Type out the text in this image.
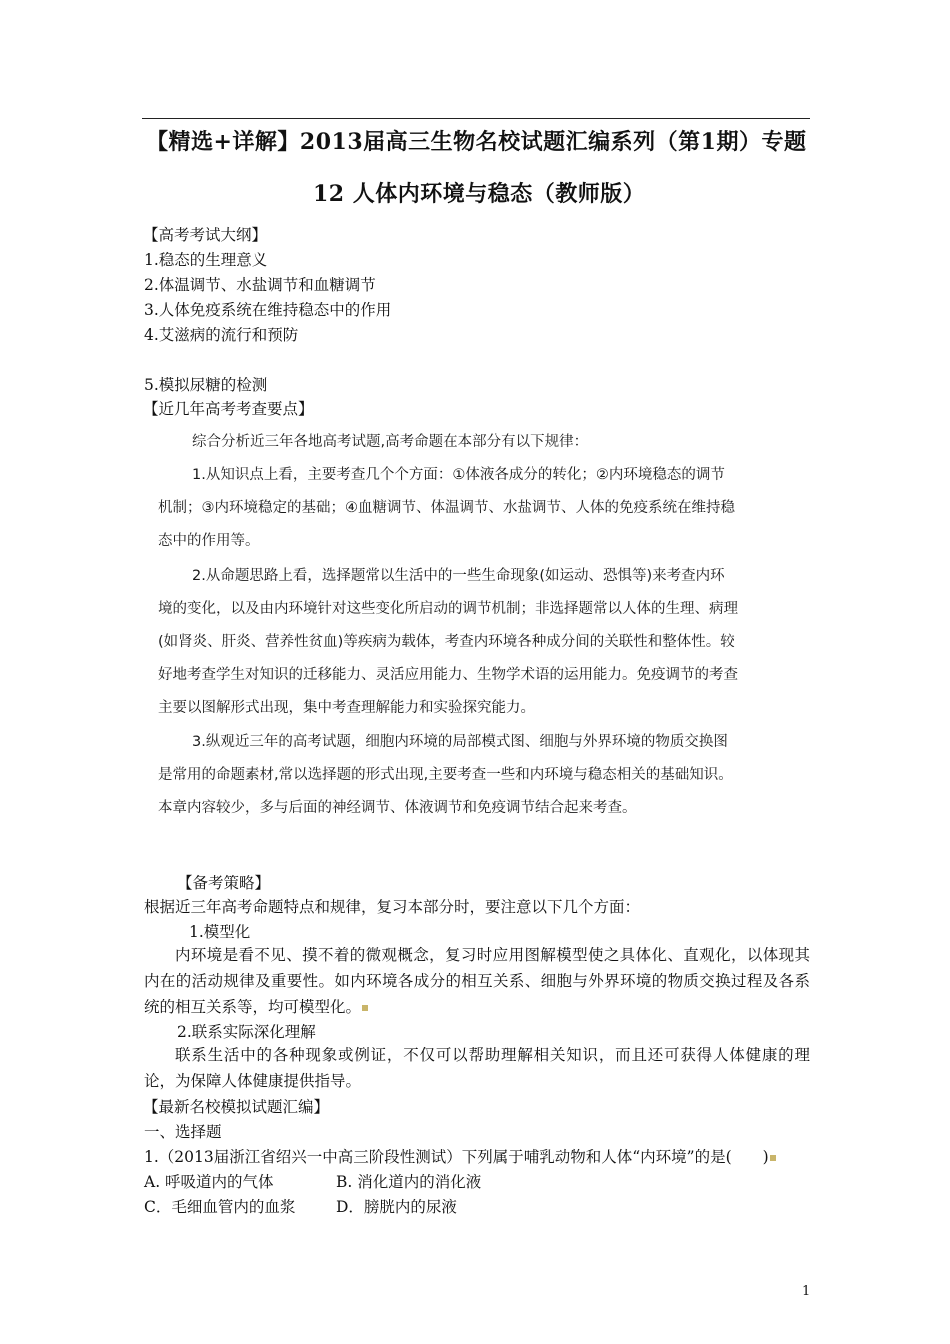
【精选+详解】2013届高三生物名校试题汇编系列（第1期）专题
12 人体内环境与稳态（教师版）
【高考考试大纲】
1.稳态的生理意义
2.体温调节、水盐调节和血糖调节
3.人体免疫系统在维持稳态中的作用
4.艾滋病的流行和预防
5.模拟尿糖的检测
【近几年高考考查要点】
综合分析近三年各地高考试题,高考命题在本部分有以下规律：
1.从知识点上看，主要考查几个个方面：①体液各成分的转化；②内环境稳态的调节
机制；③内环境稳定的基础；④血糖调节、体温调节、水盐调节、人体的免疫系统在维持稳
态中的作用等。
2.从命题思路上看，选择题常以生活中的一些生命现象(如运动、恐惧等)来考查内环
境的变化，以及由内环境针对这些变化所启动的调节机制；非选择题常以人体的生理、病理
(如肾炎、肝炎、营养性贫血)等疾病为载体，考查内环境各种成分间的关联性和整体性。较
好地考查学生对知识的迁移能力、灵活应用能力、生物学术语的运用能力。免疫调节的考查
主要以图解形式出现，集中考查理解能力和实验探究能力。
3.纵观近三年的高考试题，细胞内环境的局部模式图、细胞与外界环境的物质交换图
是常用的命题素材,常以选择题的形式出现,主要考查一些和内环境与稳态相关的基础知识。
本章内容较少，多与后面的神经调节、体液调节和免疫调节结合起来考查。
【备考策略】
根据近三年高考命题特点和规律，复习本部分时，要注意以下几个方面：
1.模型化
内环境是看不见、摸不着的微观概念，复习时应用图解模型使之具体化、直观化，以体现其内在的活动规律及重要性。如内环境各成分的相互关系、细胞与外界环境的物质交换过程及各系统的相互关系等，均可模型化。
2.联系实际深化理解
联系生活中的各种现象或例证，不仅可以帮助理解相关知识，而且还可获得人体健康的理论，为保障人体健康提供指导。
【最新名校模拟试题汇编】
一、选择题
1.（2013届浙江省绍兴一中高三阶段性测试）下列属于哺乳动物和人体“内环境”的是(　　)
A. 呼吸道内的气体	B. 消化道内的消化液
C．毛细血管内的血浆	D．膀胱内的尿液
1
